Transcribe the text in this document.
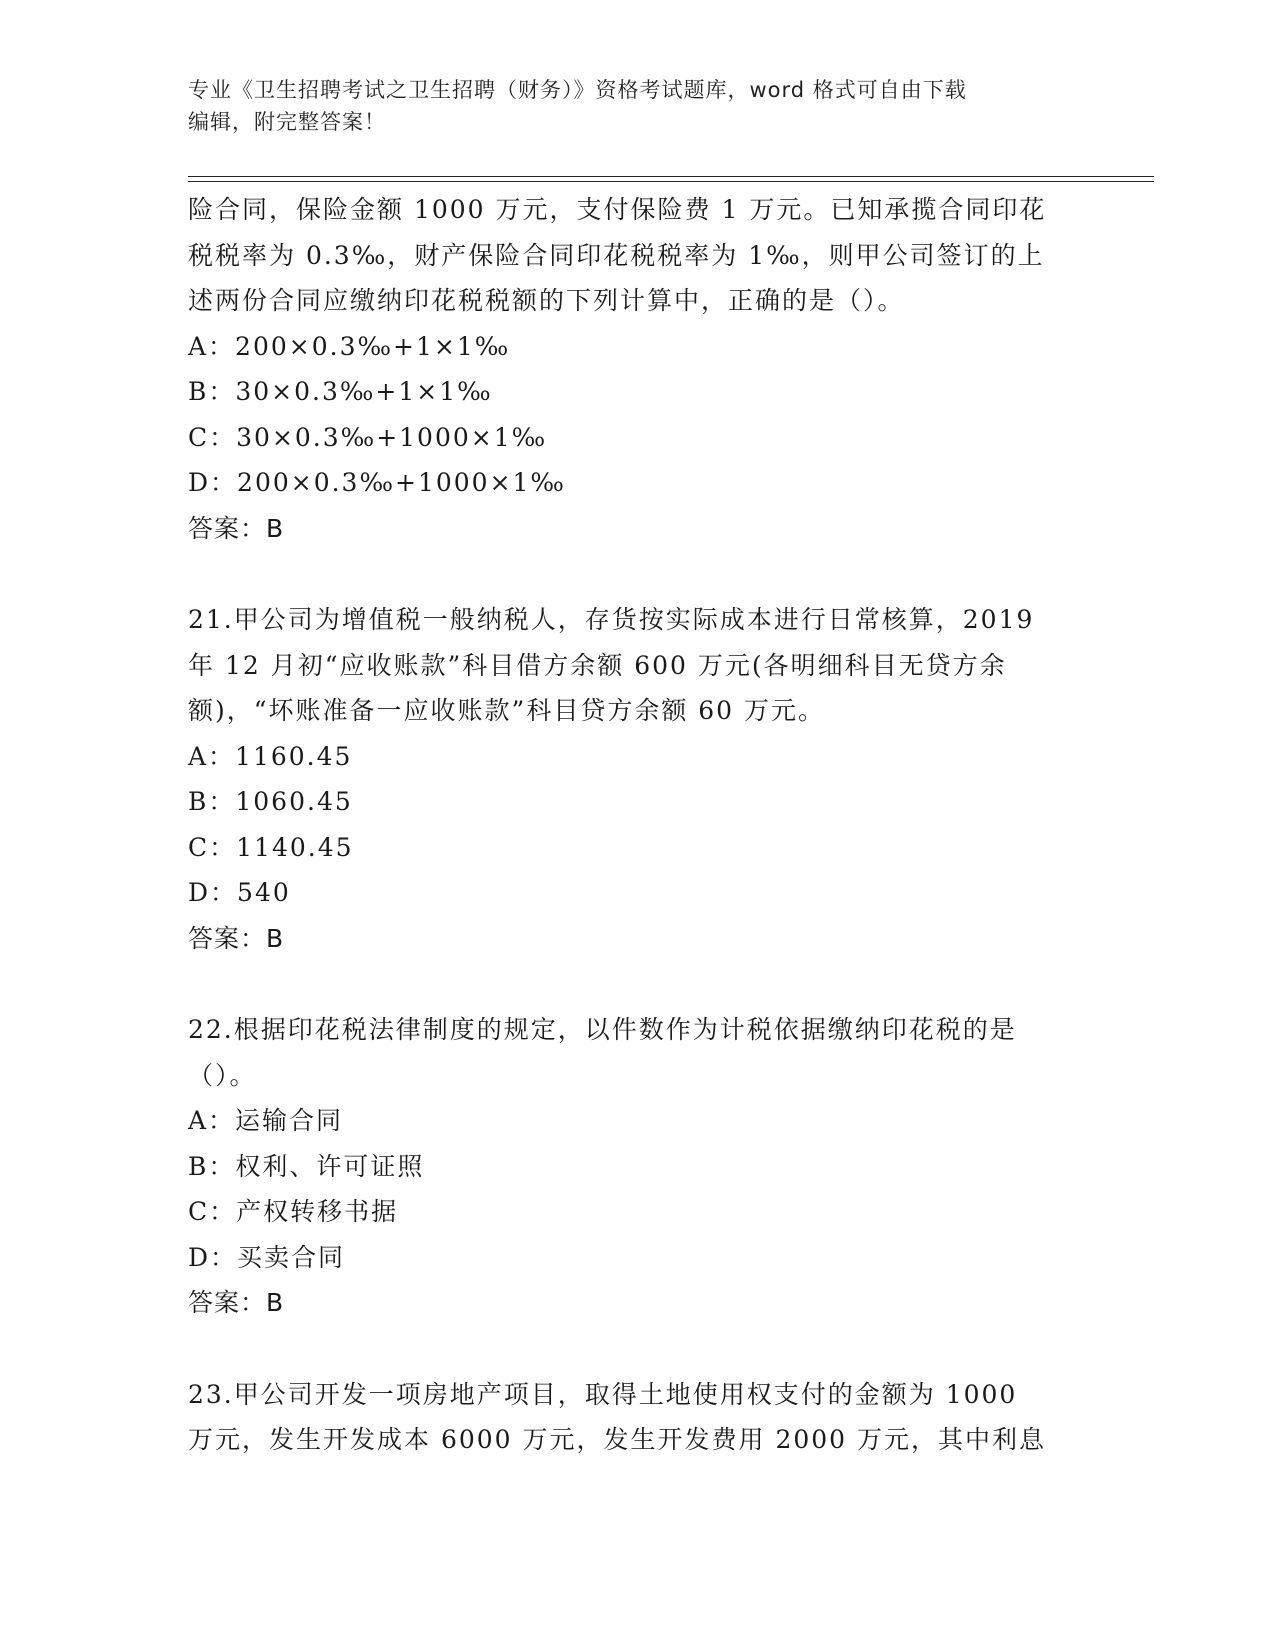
专业《卫生招聘考试之卫生招聘（财务）》资格考试题库，word 格式可自由下载
编辑，附完整答案！

险合同，保险金额 1000 万元，支付保险费 1 万元。已知承揽合同印花

税税率为 0.3‰，财产保险合同印花税税率为 1‰，则甲公司签订的上

述两份合同应缴纳印花税税额的下列计算中，正确的是（）。

A：200×0.3‰+1×1‰

B：30×0.3‰+1×1‰

C：30×0.3‰+1000×1‰

D：200×0.3‰+1000×1‰

答案：B

21.甲公司为增值税一般纳税人，存货按实际成本进行日常核算，2019

年 12 月初“应收账款”科目借方余额 600 万元(各明细科目无贷方余

额)，“坏账准备一应收账款”科目贷方余额 60 万元。

A：1160.45

B：1060.45

C：1140.45

D：540

答案：B

22.根据印花税法律制度的规定，以件数作为计税依据缴纳印花税的是

（）。

A：运输合同

B：权利、许可证照

C：产权转移书据

D：买卖合同

答案：B

23.甲公司开发一项房地产项目，取得土地使用权支付的金额为 1000

万元，发生开发成本 6000 万元，发生开发费用 2000 万元，其中利息
